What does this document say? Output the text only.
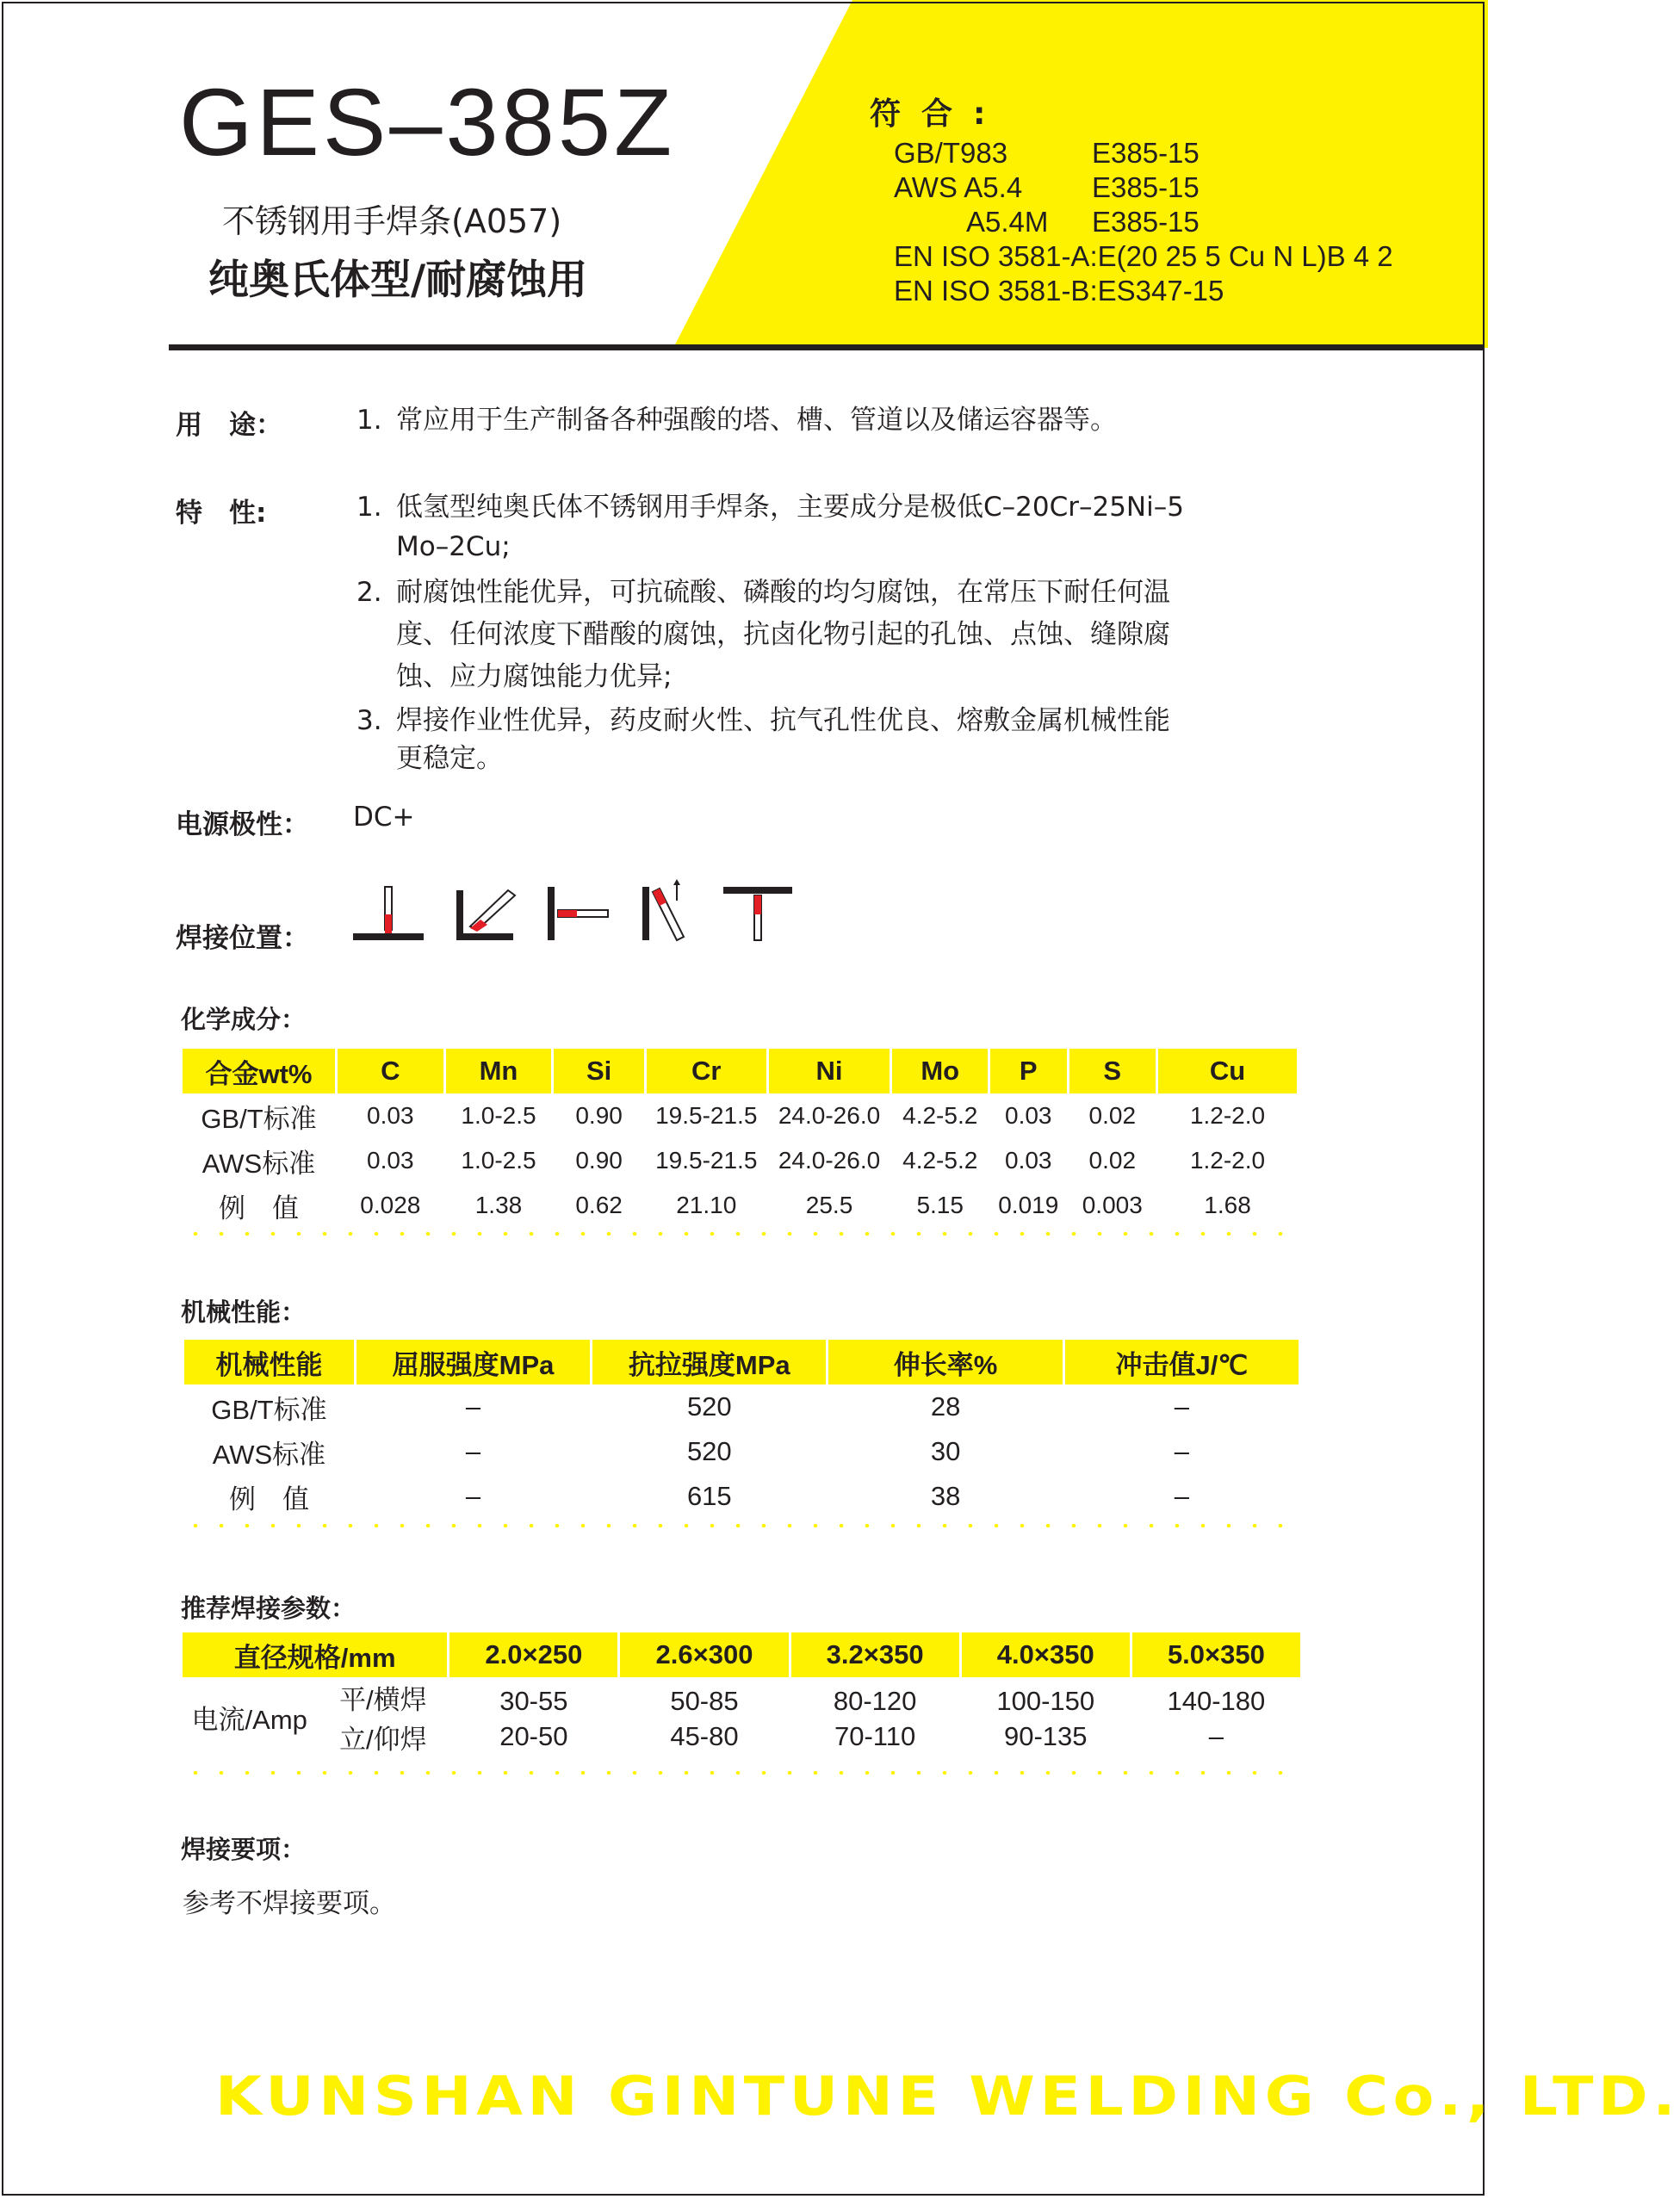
GES–385Z
不锈钢用手焊条(A057)
纯奥氏体型/耐腐蚀用
符合:
GB/T983	E385-15
AWS A5.4 E385-15
A5.4M E385-15
EN ISO 3581-A:E(20 25 5 Cu N L)B 4 2
EN ISO 3581-B:ES347-15
用　途：	1. 常应用于生产制备各种强酸的塔、槽、管道以及储运容器等。
特　性:	1. 低氢型纯奥氏体不锈钢用手焊条，主要成分是极低C–20Cr–25Ni–5
Mo–2Cu;
2. 耐腐蚀性能优异，可抗硫酸、磷酸的均匀腐蚀，在常压下耐任何温
度、任何浓度下醋酸的腐蚀，抗卤化物引起的孔蚀、点蚀、缝隙腐
蚀、应力腐蚀能力优异;
3. 焊接作业性优异，药皮耐火性、抗气孔性优良、熔敷金属机械性能
更稳定。
电源极性： DC+
焊接位置：
化学成分：
合金wt%	C	Mn	Si	Cr	Ni	Mo	P	S	Cu
GB/T标准	0.03	1.0-2.5	0.90	19.5-21.5	24.0-26.0	4.2-5.2	0.03	0.02	1.2-2.0
AWS标准	0.03	1.0-2.5	0.90	19.5-21.5	24.0-26.0	4.2-5.2	0.03	0.02	1.2-2.0
例　值	0.028	1.38	0.62	21.10	25.5	5.15	0.019	0.003	1.68
机械性能：
机械性能	屈服强度MPa	抗拉强度MPa	伸长率%	冲击值J/℃
GB/T标准	–	520	28	–
AWS标准	–	520	30	–
例　值	–	615	38	–
推荐焊接参数：
直径规格/mm		2.0×250	2.6×300	3.2×350	4.0×350	5.0×350
电流/Amp	平/横焊	30-55	50-85	80-120	100-150	140-180
	立/仰焊	20-50	45-80	70-110	90-135	–
焊接要项：
参考不焊接要项。
KUNSHAN GINTUNE WELDING Co., LTD.
